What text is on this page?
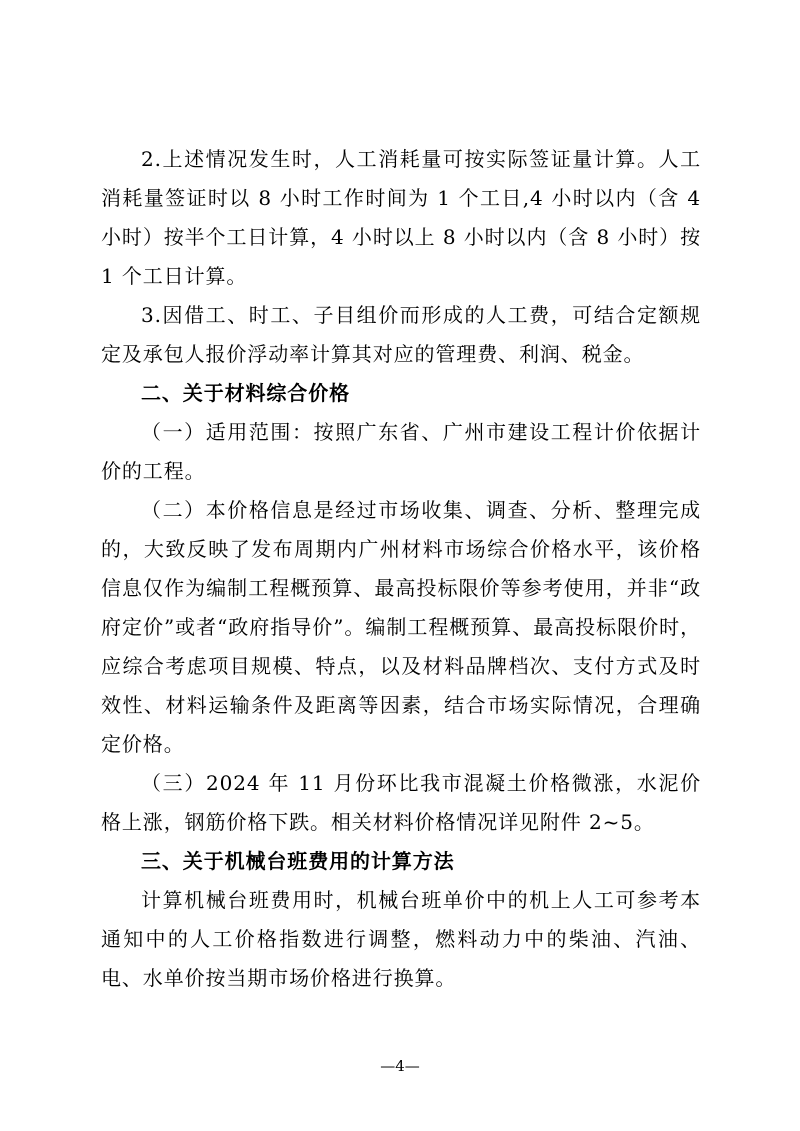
2.上述情况发生时，人工消耗量可按实际签证量计算。人工消耗量签证时以 8 小时工作时间为 1 个工日,4 小时以内（含 4 小时）按半个工日计算，4 小时以上 8 小时以内（含 8 小时）按 1 个工日计算。

3.因借工、时工、子目组价而形成的人工费，可结合定额规定及承包人报价浮动率计算其对应的管理费、利润、税金。

二、关于材料综合价格

（一）适用范围：按照广东省、广州市建设工程计价依据计价的工程。

（二）本价格信息是经过市场收集、调查、分析、整理完成的，大致反映了发布周期内广州材料市场综合价格水平，该价格信息仅作为编制工程概预算、最高投标限价等参考使用，并非“政府定价”或者“政府指导价”。编制工程概预算、最高投标限价时，应综合考虑项目规模、特点，以及材料品牌档次、支付方式及时效性、材料运输条件及距离等因素，结合市场实际情况，合理确定价格。

（三）2024 年 11 月份环比我市混凝土价格微涨，水泥价格上涨，钢筋价格下跌。相关材料价格情况详见附件 2~5。

三、关于机械台班费用的计算方法

计算机械台班费用时，机械台班单价中的机上人工可参考本通知中的人工价格指数进行调整，燃料动力中的柴油、汽油、电、水单价按当期市场价格进行换算。

—4—
